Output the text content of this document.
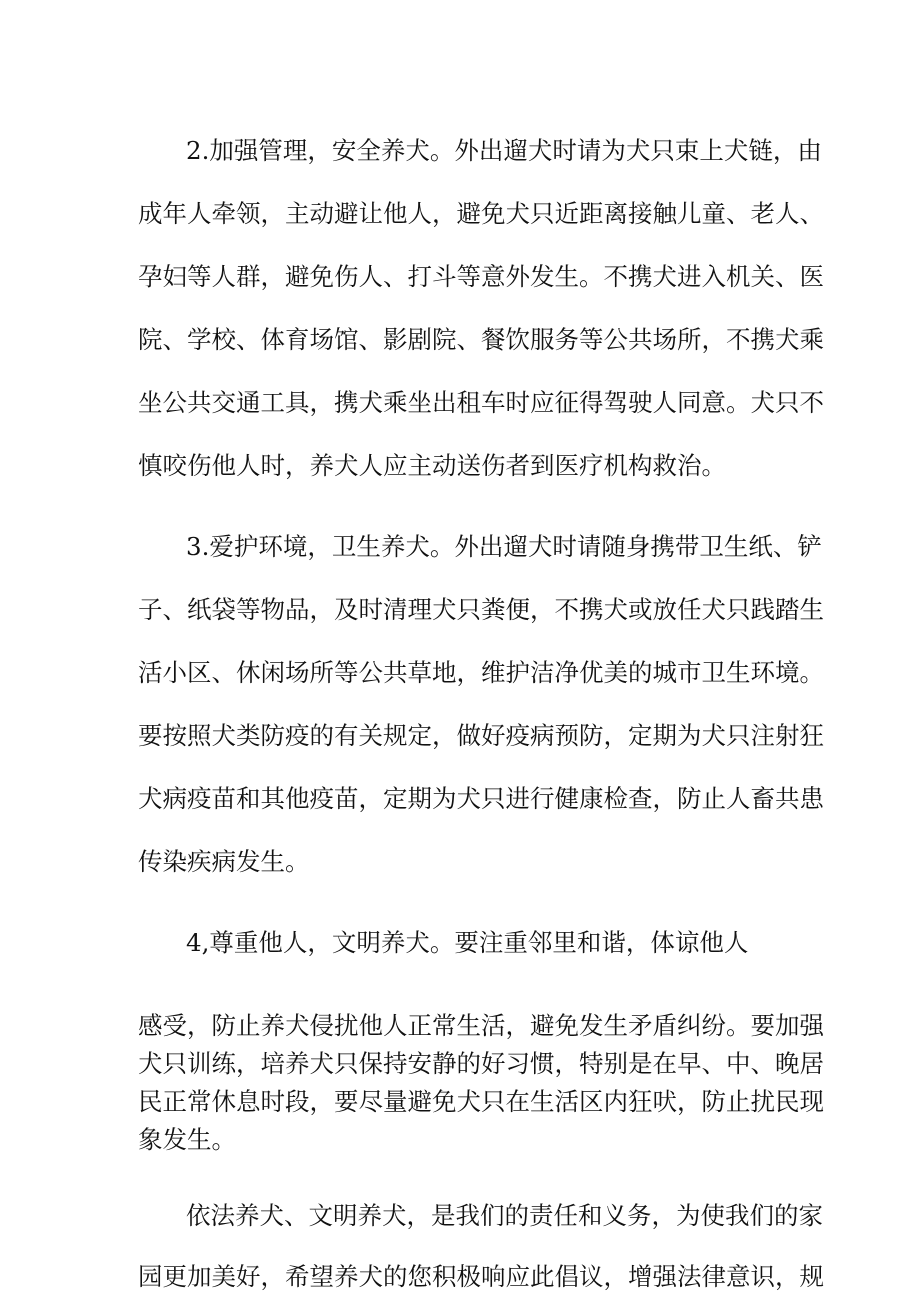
2.加强管理，安全养犬。外出遛犬时请为犬只束上犬链，由
成年人牵领，主动避让他人，避免犬只近距离接触儿童、老人、
孕妇等人群，避免伤人、打斗等意外发生。不携犬进入机关、医
院、学校、体育场馆、影剧院、餐饮服务等公共场所，不携犬乘
坐公共交通工具，携犬乘坐出租车时应征得驾驶人同意。犬只不
慎咬伤他人时，养犬人应主动送伤者到医疗机构救治。
3.爱护环境，卫生养犬。外出遛犬时请随身携带卫生纸、铲
子、纸袋等物品，及时清理犬只粪便，不携犬或放任犬只践踏生
活小区、休闲场所等公共草地，维护洁净优美的城市卫生环境。
要按照犬类防疫的有关规定，做好疫病预防，定期为犬只注射狂
犬病疫苗和其他疫苗，定期为犬只进行健康检查，防止人畜共患
传染疾病发生。
4,尊重他人，文明养犬。要注重邻里和谐，体谅他人
感受，防止养犬侵扰他人正常生活，避免发生矛盾纠纷。要加强
犬只训练，培养犬只保持安静的好习惯，特别是在早、中、晚居
民正常休息时段，要尽量避免犬只在生活区内狂吠，防止扰民现
象发生。
依法养犬、文明养犬，是我们的责任和义务，为使我们的家
园更加美好，希望养犬的您积极响应此倡议，增强法律意识，规
